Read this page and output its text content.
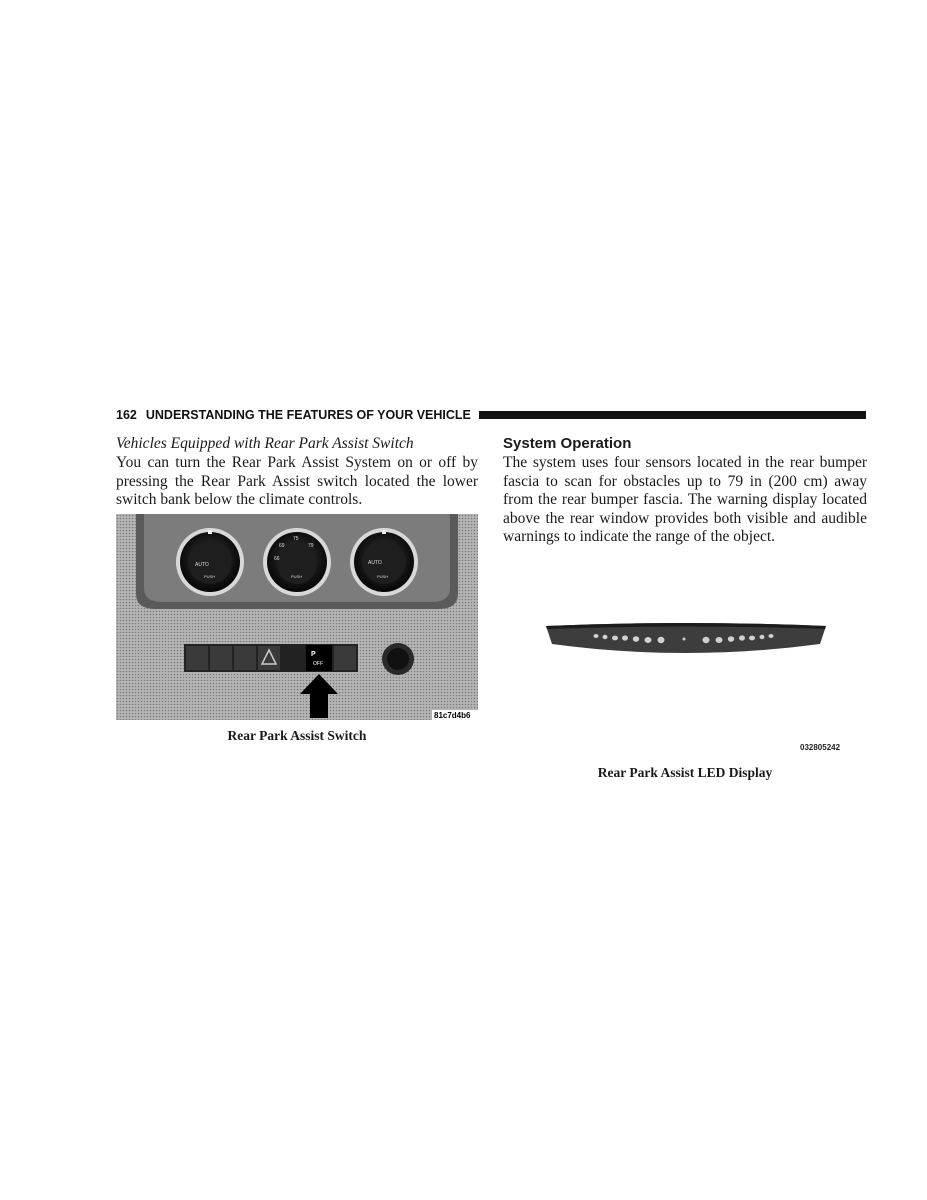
162 UNDERSTANDING THE FEATURES OF YOUR VEHICLE

Vehicles Equipped with Rear Park Assist Switch

You can turn the Rear Park Assist System on or off by pressing the Rear Park Assist switch located the lower switch bank below the climate controls.

AUTO
PUSH
75
69	79
66
PUSH
AUTO
PUSH
P
OFF
81c7d4b6
Rear Park Assist Switch

System Operation

The system uses four sensors located in the rear bumper fascia to scan for obstacles up to 79 in (200 cm) away from the rear bumper fascia. The warning display located above the rear window provides both visible and audible warnings to indicate the range of the object.

032805242
Rear Park Assist LED Display
